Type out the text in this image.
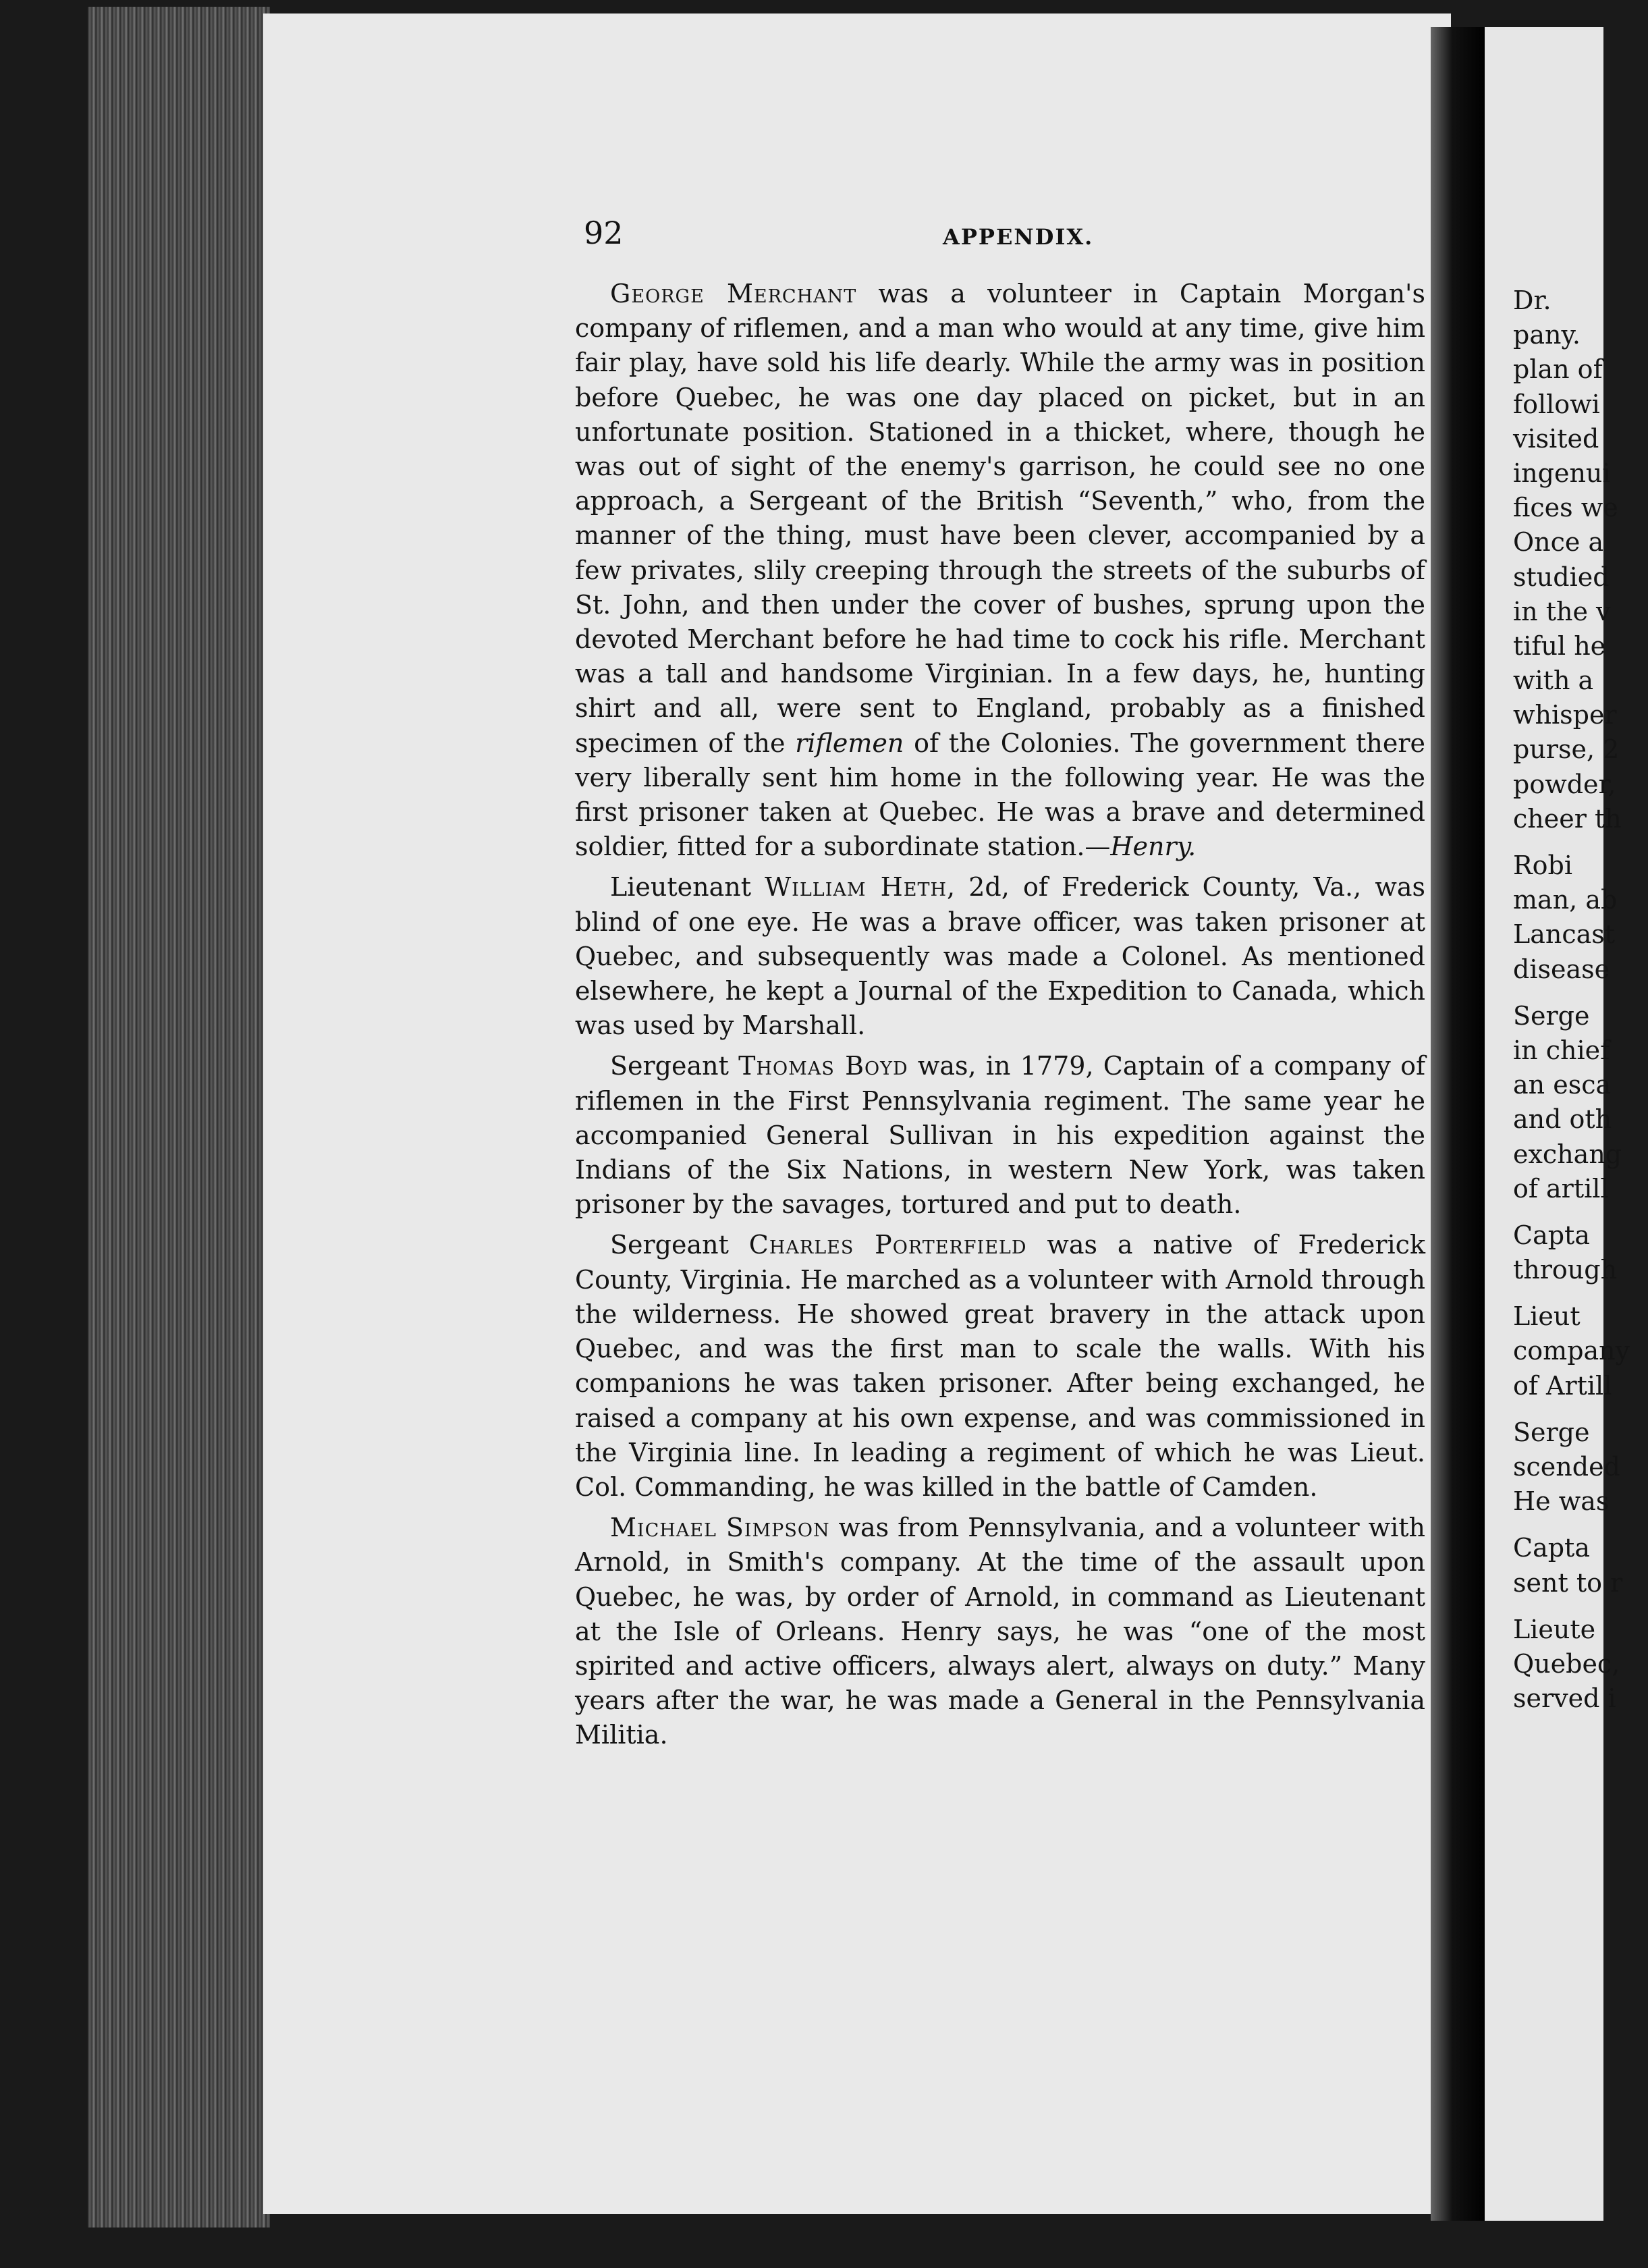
92	APPENDIX.

George Merchant was a volunteer in Captain Morgan's company of riflemen, and a man who would at any time, give him fair play, have sold his life dearly. While the army was in position before Quebec, he was one day placed on picket, but in an unfortunate position. Stationed in a thicket, where, though he was out of sight of the enemy's garrison, he could see no one approach, a Sergeant of the British “Seventh,” who, from the manner of the thing, must have been clever, accompanied by a few privates, slily creeping through the streets of the suburbs of St. John, and then under the cover of bushes, sprung upon the devoted Merchant before he had time to cock his rifle. Merchant was a tall and handsome Virginian. In a few days, he, hunting shirt and all, were sent to England, probably as a finished specimen of the riflemen of the Colonies. The government there very liberally sent him home in the following year. He was the first prisoner taken at Quebec. He was a brave and determined soldier, fitted for a subordinate station.—Henry.

Lieutenant William Heth, 2d, of Frederick County, Va., was blind of one eye. He was a brave officer, was taken prisoner at Quebec, and subsequently was made a Colonel. As mentioned elsewhere, he kept a Journal of the Expedition to Canada, which was used by Marshall.

Sergeant Thomas Boyd was, in 1779, Captain of a company of riflemen in the First Pennsylvania regiment. The same year he accompanied General Sullivan in his expedition against the Indians of the Six Nations, in western New York, was taken prisoner by the savages, tortured and put to death.

Sergeant Charles Porterfield was a native of Frederick County, Virginia. He marched as a volunteer with Arnold through the wilderness. He showed great bravery in the attack upon Quebec, and was the first man to scale the walls. With his companions he was taken prisoner. After being exchanged, he raised a company at his own expense, and was commissioned in the Virginia line. In leading a regiment of which he was Lieut. Col. Commanding, he was killed in the battle of Camden.

Michael Simpson was from Pennsylvania, and a volunteer with Arnold, in Smith's company. At the time of the assault upon Quebec, he was, by order of Arnold, in command as Lieutenant at the Isle of Orleans. Henry says, he was “one of the most spirited and active officers, always alert, always on duty.” Many years after the war, he was made a General in the Pennsylvania Militia.

Dr.
pany.
plan of
followi
visited
ingenui
fices we
Once a
studied
in the v
tiful he
with a
whisper
purse, 2
powder,
cheer th
Robi
man, ab
Lancast
disease
Serge
in chief
an esca
and oth
exchang
of artill
Capta
through
Lieut
company
of Artill
Serge
scended
He was
Capta
sent to r
Lieute
Quebec,
served i
